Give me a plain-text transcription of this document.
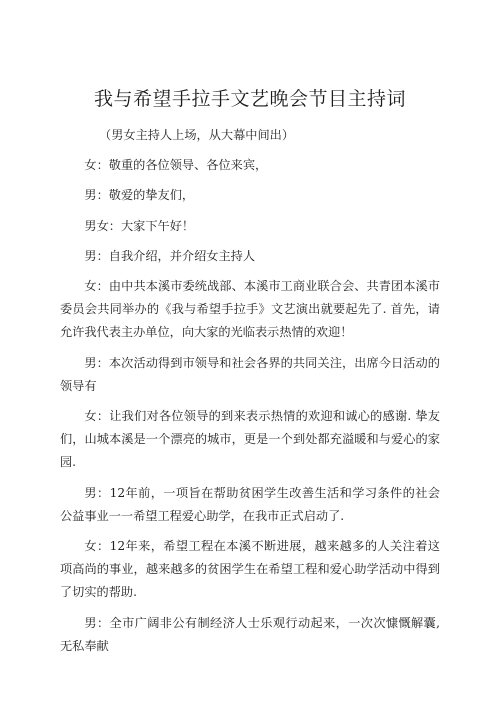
我与希望手拉手文艺晚会节目主持词

（男女主持人上场，从大幕中间出）

女：敬重的各位领导、各位来宾，

男：敬爱的挚友们，

男女：大家下午好！

男：自我介绍，并介绍女主持人

女：由中共本溪市委统战部、本溪市工商业联合会、共青团本溪市委员会共同举办的《我与希望手拉手》文艺演出就要起先了. 首先，请允许我代表主办单位，向大家的光临表示热情的欢迎！

男：本次活动得到市领导和社会各界的共同关注，出席今日活动的领导有

女：让我们对各位领导的到来表示热情的欢迎和诚心的感谢. 挚友们，山城本溪是一个漂亮的城市，更是一个到处都充溢暖和与爱心的家园.

男：12年前，一项旨在帮助贫困学生改善生活和学习条件的社会公益事业一一希望工程爱心助学，在我市正式启动了.

女：12年来，希望工程在本溪不断进展，越来越多的人关注着这项高尚的事业，越来越多的贫困学生在希望工程和爱心助学活动中得到了切实的帮助.

男：全市广阔非公有制经济人士乐观行动起来，一次次慷慨解囊, 无私奉献
